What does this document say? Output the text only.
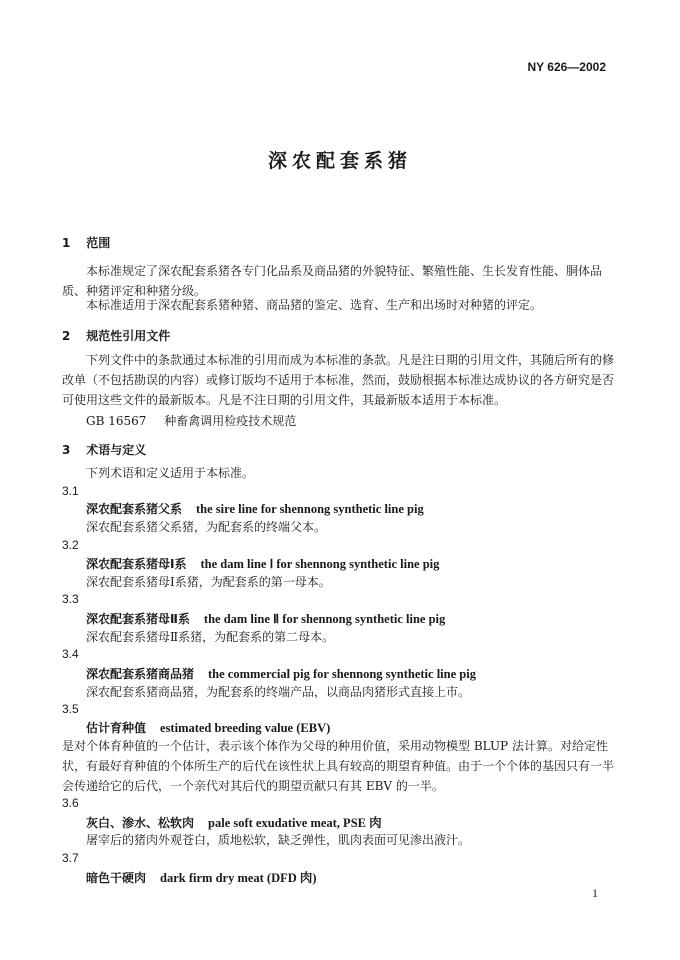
NY 626—2002
深农配套系猪
1 范围
本标准规定了深农配套系猪各专门化品系及商品猪的外貌特征、繁殖性能、生长发育性能、胴体品质、种猪评定和种猪分级。
本标准适用于深农配套系猪种猪、商品猪的鉴定、选育、生产和出场时对种猪的评定。
2 规范性引用文件
下列文件中的条款通过本标准的引用而成为本标准的条款。凡是注日期的引用文件，其随后所有的修改单（不包括勘误的内容）或修订版均不适用于本标准，然而，鼓励根据本标准达成协议的各方研究是否可使用这些文件的最新版本。凡是不注日期的引用文件，其最新版本适用于本标准。
GB 16567 种畜禽调用检疫技术规范
3 术语与定义
下列术语和定义适用于本标准。
3.1
深农配套系猪父系 the sire line for shennong synthetic line pig
深农配套系猪父系猪，为配套系的终端父本。
3.2
深农配套系猪母Ⅰ系 the dam line Ⅰ for shennong synthetic line pig
深农配套系猪母Ⅰ系猪，为配套系的第一母本。
3.3
深农配套系猪母Ⅱ系 the dam line Ⅱ for shennong synthetic line pig
深农配套系猪母Ⅱ系猪，为配套系的第二母本。
3.4
深农配套系猪商品猪 the commercial pig for shennong synthetic line pig
深农配套系猪商品猪，为配套系的终端产品，以商品肉猪形式直接上市。
3.5
估计育种值 estimated breeding value (EBV)
是对个体育种值的一个估计，表示该个体作为父母的种用价值，采用动物模型 BLUP 法计算。对给定性状，有最好育种值的个体所生产的后代在该性状上具有较高的期望育种值。由于一个个体的基因只有一半会传递给它的后代，一个亲代对其后代的期望贡献只有其 EBV 的一半。
3.6
灰白、渗水、松软肉 pale soft exudative meat, PSE 肉
屠宰后的猪肉外观苍白，质地松软，缺乏弹性，肌肉表面可见渗出液汁。
3.7
暗色干硬肉 dark firm dry meat (DFD 肉)
1
